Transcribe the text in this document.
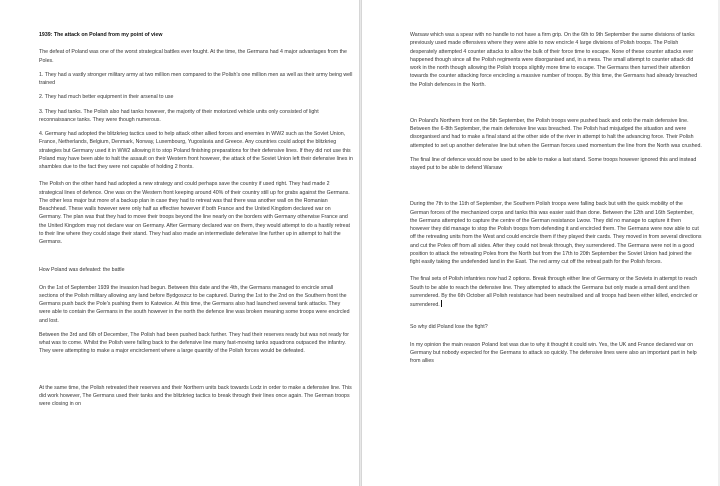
1939: The attack on Poland from my point of view

The defeat of Poland was one of the worst strategical battles ever fought. At the time, the Germans had 4 major advantages from the Poles.

1. They had a vastly stronger military army at two million men compared to the Polish's one million men as well as their army being well trained

2. They had much better equipment in their arsenal to use

3. They had tanks. The Polish also had tanks however, the majority of their motorized vehicle units only consisted of light reconnaissance tanks. They were though numerous.

4. Germany had adopted the blitzkrieg tactics used to help attack other allied forces and enemies in WW2 such as the Soviet Union, France, Netherlands, Belgium, Denmark, Norway, Luxembourg, Yugoslavia and Greece. Any countries could adopt the blitzkrieg strategies but Germany used it in WW2 allowing it to stop Poland finishing preparations for their defensive lines. If they did not use this Poland may have been able to halt the assault on their Western front however, the attack of the Soviet Union left their defensive lines in shambles due to the fact they were not capable of holding 2 fronts.

The Polish on the other hand had adopted a new strategy and could perhaps save the country if used right. They had made 2 strategical lines of defence. One was on the Western front keeping around 40% of their country still up for grabs against the Germans. The other less major but more of a backup plan in case they had to retreat was that there was another wall on the Romanian Beachhead. These walls however were only half as effective however if both France and the United Kingdom declared war on Germany. The plan was that they had to move their troops beyond the line nearly on the borders with Germany otherwise France and the United Kingdom may not declare war on Germany. After Germany declared war on them, they would attempt to do a hastily retreat to their line where they could stage their stand. They had also made an intermediate defensive line further up in attempt to halt the Germans.

How Poland was defeated: the battle

On the 1st of September 1939 the invasion had begun. Between this date and the 4th, the Germans managed to encircle small sections of the Polish military allowing any land before Bydgoszcz to be captured. During the 1st to the 2nd on the Southern front the Germans push back the Pole's pushing them to Katowice. At this time, the Germans also had launched several tank attacks. They were able to contain the Germans in the south however in the north the defence line was broken meaning some troops were encircled and lost.

Between the 3rd and 6th of December, The Polish had been pushed back further. They had their reserves ready but was not ready for what was to come. Whilst the Polish were falling back to the defensive line many fast-moving tanks squadrons outpaced the infantry. They were attempting to make a major encirclement where a large quantity of the Polish forces would be defeated.

At the same time, the Polish retreated their reserves and their Northern units back towards Lodz in order to make a defensive line. This did work however, The Germans used their tanks and the blitzkrieg tactics to break through their lines once again. The German troops were closing in on

Warsaw which was a spear with no handle to not have a firm grip. On the 6th to 9th September the same divisions of tanks previously used made offensives where they were able to now encircle 4 large divisions of Polish troops. The Polish desperately attempted 4 counter attacks to allow the bulk of their force time to escape. None of these counter attacks ever happened though since all the Polish regiments were disorganised and, in a mess. The small attempt to counter attack did work in the north though allowing the Polish troops slightly more time to escape. The Germans then turned their attention towards the counter attacking force encircling a massive number of troops. By this time, the Germans had already breached the Polish defences in the North.

On Poland's Northern front on the 5th September, the Polish troops were pushed back and onto the main defensive line. Between the 6-8th September, the main defensive line was breached. The Polish had misjudged the situation and were disorganised and had to make a final stand at the other side of the river in attempt to halt the advancing force. Their Polish attempted to set up another defensive line but when the German forces used momentum the line from the North was crushed.

The final line of defence would now be used to be able to make a last stand. Some troops however ignored this and instead stayed put to be able to defend Warsaw

During the 7th to the 11th of September, the Southern Polish troops were falling back but with the quick mobility of the German forces of the mechanized corps and tanks this was easier said than done. Between the 12th and 16th September, the Germans attempted to capture the centre of the German resistance Lwow. They did no manage to capture it then however they did manage to stop the Polish troops from defending it and encircled them. The Germans were now able to cut off the retreating units from the West and could encircle them if they played their cards. They moved in from several directions and cut the Poles off from all sides. After they could not break through, they surrendered. The Germans were not in a good position to attack the retreating Poles from the North but from the 17th to 20th September the Soviet Union had joined the fight easily taking the undefended land in the East. The red army cut off the retreat path for the Polish forces.

The final sets of Polish infantries now had 2 options. Break through either line of Germany or the Soviets in attempt to reach South to be able to reach the defensive line. They attempted to attack the Germans but only made a small dent and then surrendered. By the 6th October all Polish resistance had been neutralised and all troops had been either killed, encircled or surrendered.

So why did Poland lose the fight?

In my opinion the main reason Poland lost was due to why it thought it could win. Yes, the UK and France declared war on Germany but nobody expected for the Germans to attack so quickly. The defensive lines were also an important part in help from allies
